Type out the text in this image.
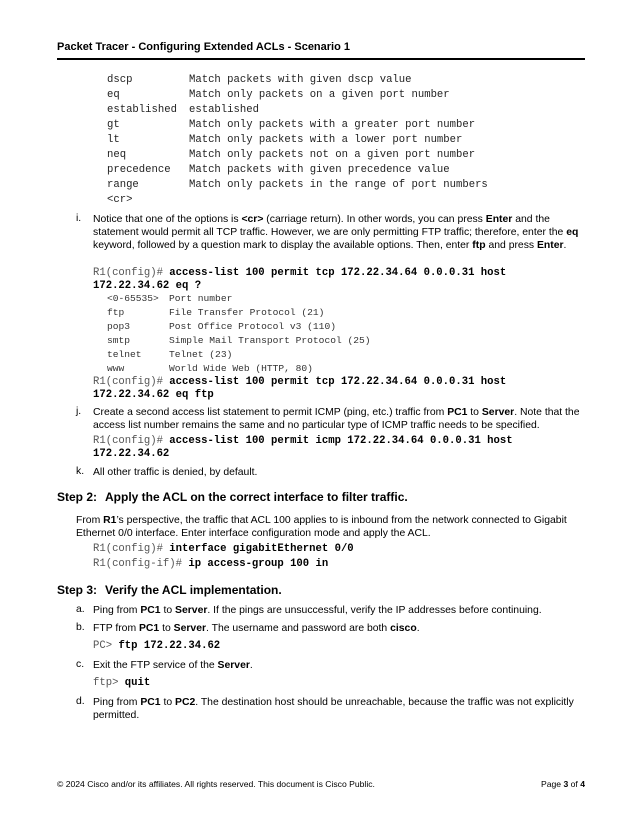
Packet Tracer - Configuring Extended ACLs - Scenario 1
dscp	Match packets with given dscp value
eq	Match only packets on a given port number
established	established
gt	Match only packets with a greater port number
lt	Match only packets with a lower port number
neq	Match only packets not on a given port number
precedence	Match packets with given precedence value
range	Match only packets in the range of port numbers
<cr>
i. Notice that one of the options is <cr> (carriage return). In other words, you can press Enter and the statement would permit all TCP traffic. However, we are only permitting FTP traffic; therefore, enter the eq keyword, followed by a question mark to display the available options. Then, enter ftp and press Enter.
R1(config)# access-list 100 permit tcp 172.22.34.64 0.0.0.31 host
172.22.34.62 eq ?
<0-65535>	Port number
ftp	File Transfer Protocol (21)
pop3	Post Office Protocol v3 (110)
smtp	Simple Mail Transport Protocol (25)
telnet	Telnet (23)
www	World Wide Web (HTTP, 80)
R1(config)# access-list 100 permit tcp 172.22.34.64 0.0.0.31 host
172.22.34.62 eq ftp
j. Create a second access list statement to permit ICMP (ping, etc.) traffic from PC1 to Server. Note that the access list number remains the same and no particular type of ICMP traffic needs to be specified.
R1(config)# access-list 100 permit icmp 172.22.34.64 0.0.0.31 host
172.22.34.62
k. All other traffic is denied, by default.
Step 2: Apply the ACL on the correct interface to filter traffic.
From R1’s perspective, the traffic that ACL 100 applies to is inbound from the network connected to Gigabit Ethernet 0/0 interface. Enter interface configuration mode and apply the ACL.
R1(config)# interface gigabitEthernet 0/0
R1(config-if)# ip access-group 100 in
Step 3: Verify the ACL implementation.
a. Ping from PC1 to Server. If the pings are unsuccessful, verify the IP addresses before continuing.
b. FTP from PC1 to Server. The username and password are both cisco.
PC> ftp 172.22.34.62
c. Exit the FTP service of the Server.
ftp> quit
d. Ping from PC1 to PC2. The destination host should be unreachable, because the traffic was not explicitly permitted.
© 2024 Cisco and/or its affiliates. All rights reserved. This document is Cisco Public.	Page 3 of 4
